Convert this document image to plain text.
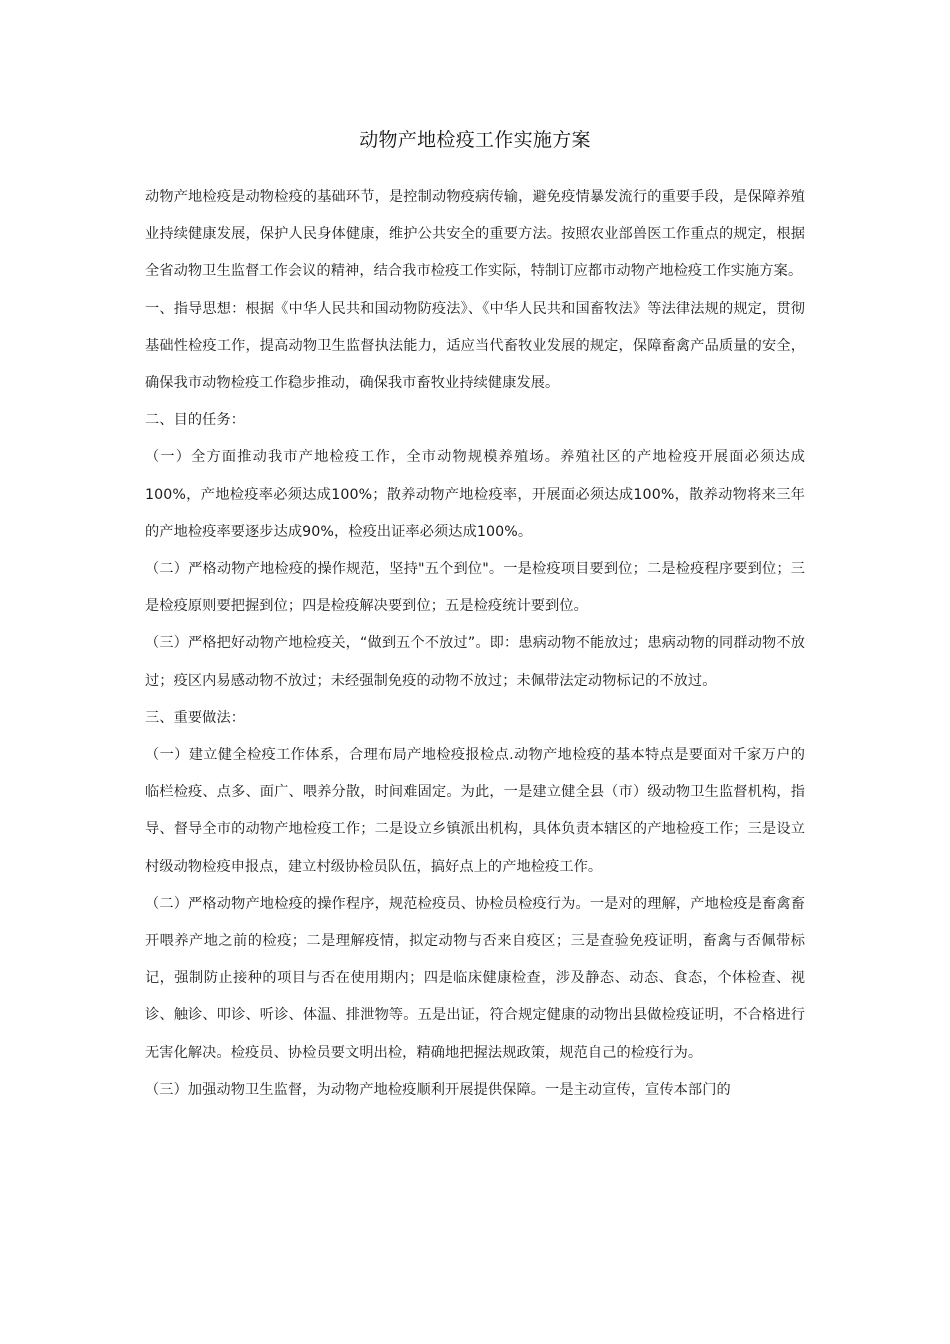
动物产地检疫工作实施方案

动物产地检疫是动物检疫的基础环节，是控制动物疫病传输，避免疫情暴发流行的重要手段，是保障养殖业持续健康发展，保护人民身体健康，维护公共安全的重要方法。按照农业部兽医工作重点的规定，根据全省动物卫生监督工作会议的精神，结合我市检疫工作实际，特制订应都市动物产地检疫工作实施方案。

一、指导思想：根据《中华人民共和国动物防疫法》、《中华人民共和国畜牧法》等法律法规的规定，贯彻基础性检疫工作，提高动物卫生监督执法能力，适应当代畜牧业发展的规定，保障畜禽产品质量的安全，确保我市动物检疫工作稳步推动，确保我市畜牧业持续健康发展。

二、目的任务：

（一）全方面推动我市产地检疫工作，全市动物规模养殖场。养殖社区的产地检疫开展面必须达成100%，产地检疫率必须达成100%；散养动物产地检疫率，开展面必须达成100%，散养动物将来三年的产地检疫率要逐步达成90%，检疫出证率必须达成100%。

（二）严格动物产地检疫的操作规范，坚持"五个到位"。一是检疫项目要到位；二是检疫程序要到位；三是检疫原则要把握到位；四是检疫解决要到位；五是检疫统计要到位。

（三）严格把好动物产地检疫关，“做到五个不放过”。即：患病动物不能放过；患病动物的同群动物不放过；疫区内易感动物不放过；未经强制免疫的动物不放过；未佩带法定动物标记的不放过。

三、重要做法：

（一）建立健全检疫工作体系，合理布局产地检疫报检点.动物产地检疫的基本特点是要面对千家万户的临栏检疫、点多、面广、喂养分散，时间难固定。为此，一是建立健全县（市）级动物卫生监督机构，指导、督导全市的动物产地检疫工作；二是设立乡镇派出机构，具体负责本辖区的产地检疫工作；三是设立村级动物检疫申报点，建立村级协检员队伍，搞好点上的产地检疫工作。

（二）严格动物产地检疫的操作程序，规范检疫员、协检员检疫行为。一是对的理解，产地检疫是畜禽畜开喂养产地之前的检疫；二是理解疫情，拟定动物与否来自疫区；三是查验免疫证明，畜禽与否佩带标记，强制防止接种的项目与否在使用期内；四是临床健康检查，涉及静态、动态、食态，个体检查、视诊、触诊、叩诊、听诊、体温、排泄物等。五是出证，符合规定健康的动物出县做检疫证明，不合格进行无害化解决。检疫员、协检员要文明出检，精确地把握法规政策，规范自己的检疫行为。

（三）加强动物卫生监督，为动物产地检疫顺利开展提供保障。一是主动宣传，宣传本部门的
